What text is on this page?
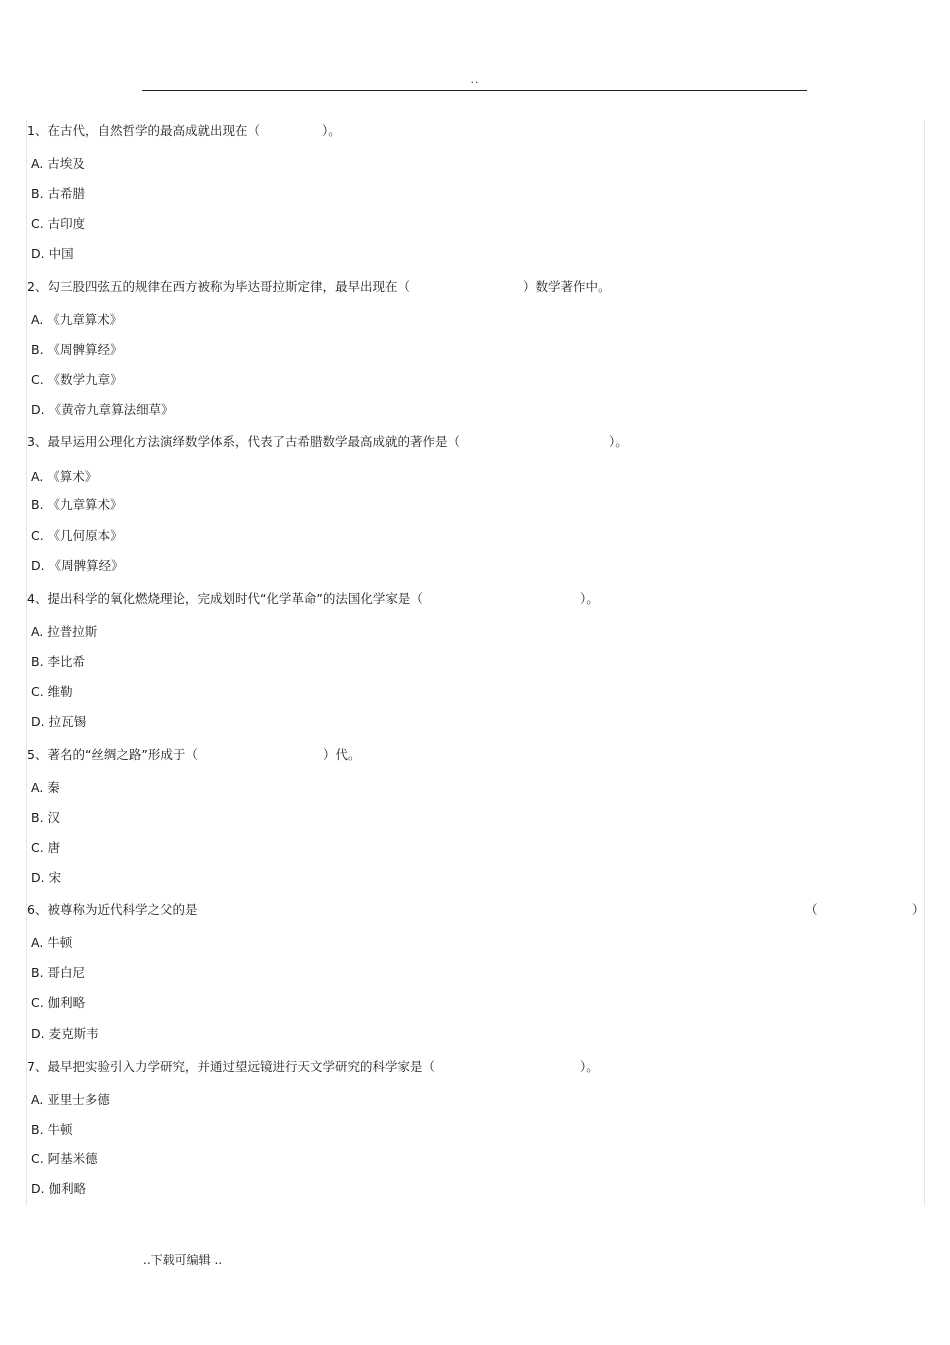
..
1、在古代，自然哲学的最高成就出现在（	）。
A. 古埃及
B. 古希腊
C. 古印度
D. 中国
2、勾三股四弦五的规律在西方被称为毕达哥拉斯定律，最早出现在（	）数学著作中。
A. 《九章算术》
B. 《周髀算经》
C. 《数学九章》
D. 《黄帝九章算法细草》
3、最早运用公理化方法演绎数学体系，代表了古希腊数学最高成就的著作是（	）。
A. 《算术》
B. 《九章算术》
C. 《几何原本》
D. 《周髀算经》
4、提出科学的氧化燃烧理论，完成划时代“化学革命”的法国化学家是（	）。
A. 拉普拉斯
B. 李比希
C. 维勒
D. 拉瓦锡
5、著名的“丝绸之路”形成于（	）代。
A. 秦
B. 汉
C. 唐
D. 宋
6、被尊称为近代科学之父的是	（	）
A. 牛顿
B. 哥白尼
C. 伽利略
D. 麦克斯韦
7、最早把实验引入力学研究，并通过望远镜进行天文学研究的科学家是（	）。
A. 亚里士多德
B. 牛顿
C. 阿基米德
D. 伽利略
..下载可编辑 ..
